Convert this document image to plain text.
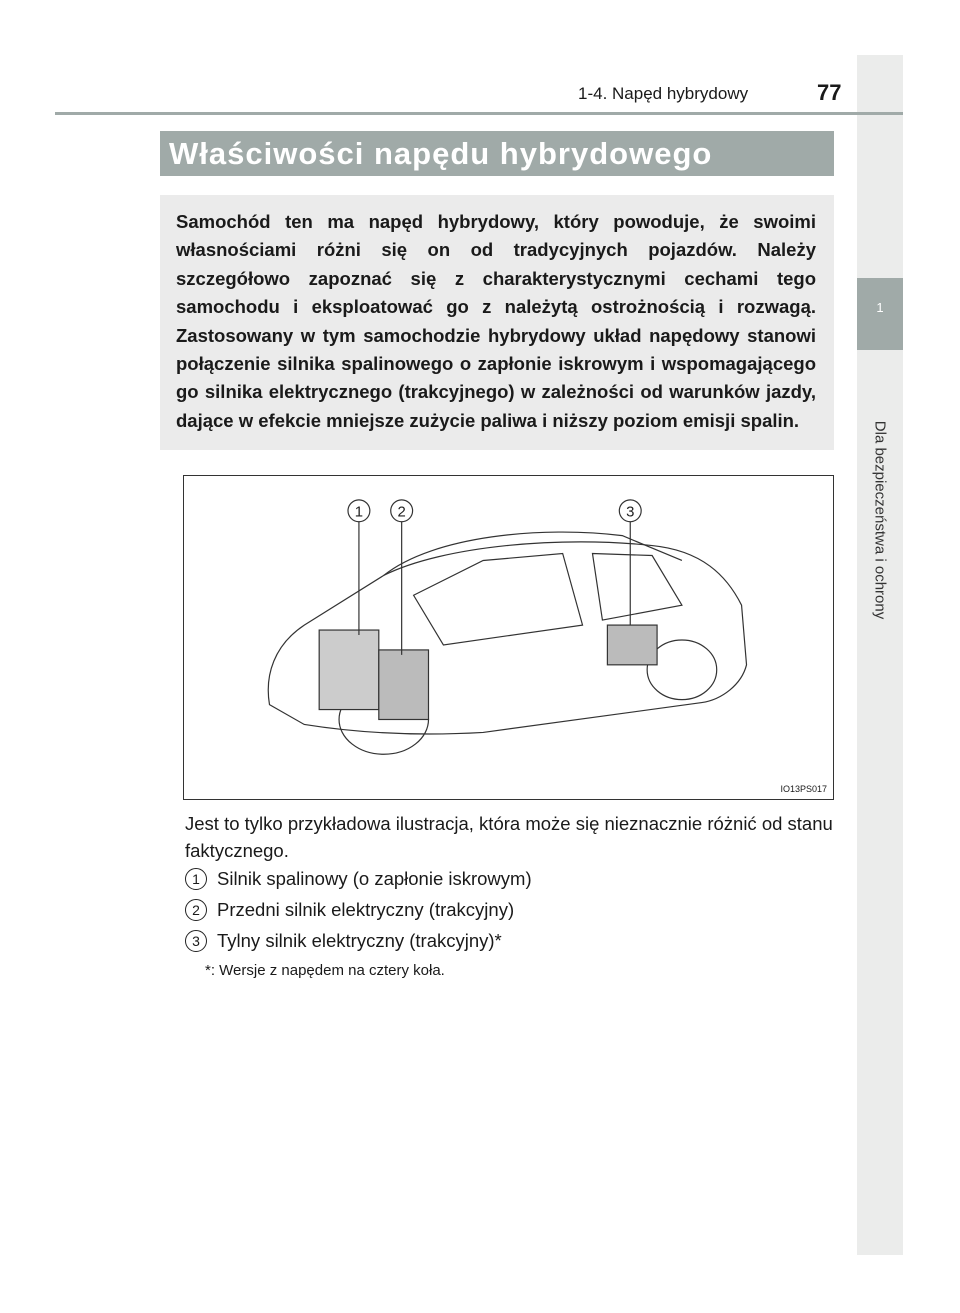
1
Dla bezpieczeństwa i ochrony
1-4. Napęd hybrydowy	77
Właściwości napędu hybrydowego
Samochód ten ma napęd hybrydowy, który powoduje, że swoimi własnościami różni się on od tradycyjnych pojazdów. Należy szczegółowo zapoznać się z charakterystycznymi cechami tego samochodu i eksploatować go z należytą ostrożnością i rozwagą. Zastosowany w tym samochodzie hybrydowy układ napędowy stanowi połączenie silnika spalinowego o zapłonie iskrowym i wspomagającego go silnika elektrycznego (trakcyjnego) w zależności od warunków jazdy, dające w efekcie mniejsze zużycie paliwa i niższy poziom emisji spalin.
1 2	3
IO13PS017
Jest to tylko przykładowa ilustracja, która może się nieznacznie różnić od stanu faktycznego.
1 Silnik spalinowy (o zapłonie iskrowym)
2 Przedni silnik elektryczny (trakcyjny)
3 Tylny silnik elektryczny (trakcyjny)*
*: Wersje z napędem na cztery koła.
